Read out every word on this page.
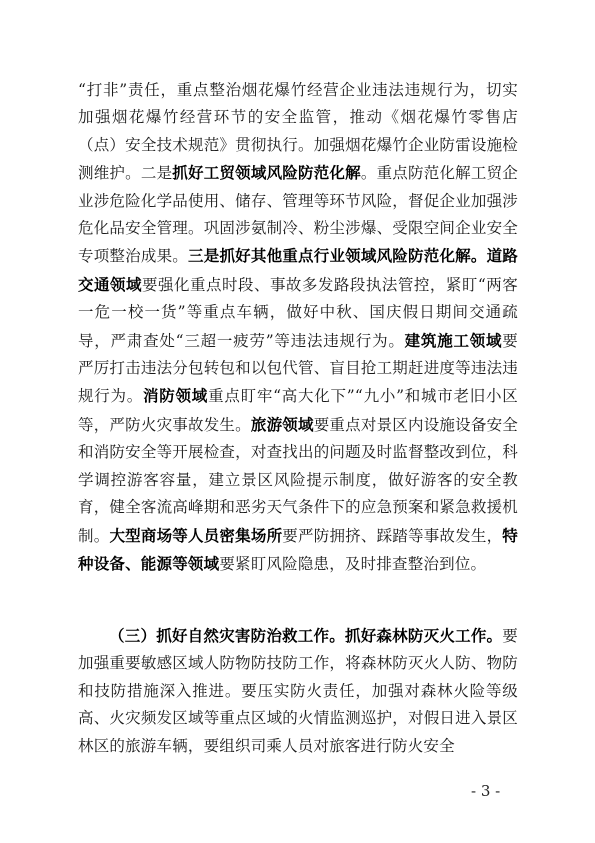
“打非”责任，重点整治烟花爆竹经营企业违法违规行为，切实加强烟花爆竹经营环节的安全监管，推动《烟花爆竹零售店（点）安全技术规范》贯彻执行。加强烟花爆竹企业防雷设施检测维护。二是抓好工贸领域风险防范化解。重点防范化解工贸企业涉危险化学品使用、储存、管理等环节风险，督促企业加强涉危化品安全管理。巩固涉氨制冷、粉尘涉爆、受限空间企业安全专项整治成果。三是抓好其他重点行业领域风险防范化解。道路交通领域要强化重点时段、事故多发路段执法管控，紧盯“两客一危一校一货”等重点车辆，做好中秋、国庆假日期间交通疏导，严肃查处“三超一疲劳”等违法违规行为。建筑施工领域要严厉打击违法分包转包和以包代管、盲目抢工期赶进度等违法违规行为。消防领域重点盯牢“高大化下”“九小”和城市老旧小区等，严防火灾事故发生。旅游领域要重点对景区内设施设备安全和消防安全等开展检查，对查找出的问题及时监督整改到位，科学调控游客容量，建立景区风险提示制度，做好游客的安全教育，健全客流高峰期和恶劣天气条件下的应急预案和紧急救援机制。大型商场等人员密集场所要严防拥挤、踩踏等事故发生，特种设备、能源等领域要紧盯风险隐患，及时排查整治到位。
（三）抓好自然灾害防治救工作。抓好森林防灭火工作。要加强重要敏感区域人防物防技防工作，将森林防灭火人防、物防和技防措施深入推进。要压实防火责任，加强对森林火险等级高、火灾频发区域等重点区域的火情监测巡护，对假日进入景区林区的旅游车辆，要组织司乘人员对旅客进行防火安全
- 3 -
